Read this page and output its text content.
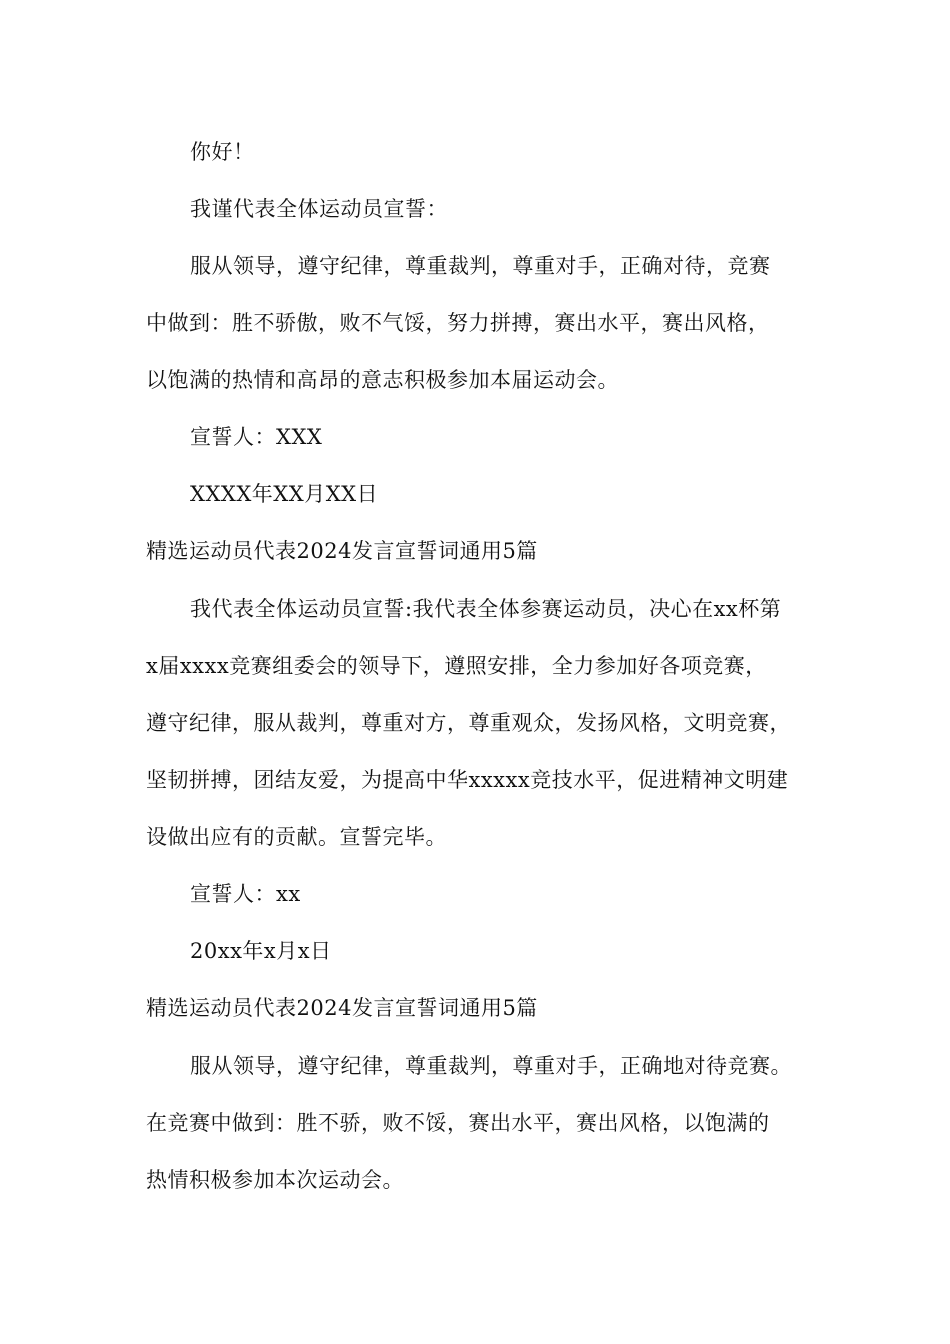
你好！
我谨代表全体运动员宣誓：
服从领导，遵守纪律，尊重裁判，尊重对手，正确对待，竞赛
中做到：胜不骄傲，败不气馁，努力拼搏，赛出水平，赛出风格，
以饱满的热情和高昂的意志积极参加本届运动会。
宣誓人：XXX
XXXX年XX月XX日
精选运动员代表2024发言宣誓词通用5篇
我代表全体运动员宣誓:我代表全体参赛运动员，决心在xx杯第
x届xxxx竞赛组委会的领导下，遵照安排，全力参加好各项竞赛，
遵守纪律，服从裁判，尊重对方，尊重观众，发扬风格，文明竞赛，
坚韧拼搏，团结友爱，为提高中华xxxxx竞技水平，促进精神文明建
设做出应有的贡献。宣誓完毕。
宣誓人：xx
20xx年x月x日
精选运动员代表2024发言宣誓词通用5篇
服从领导，遵守纪律，尊重裁判，尊重对手，正确地对待竞赛。
在竞赛中做到：胜不骄，败不馁，赛出水平，赛出风格，以饱满的
热情积极参加本次运动会。
